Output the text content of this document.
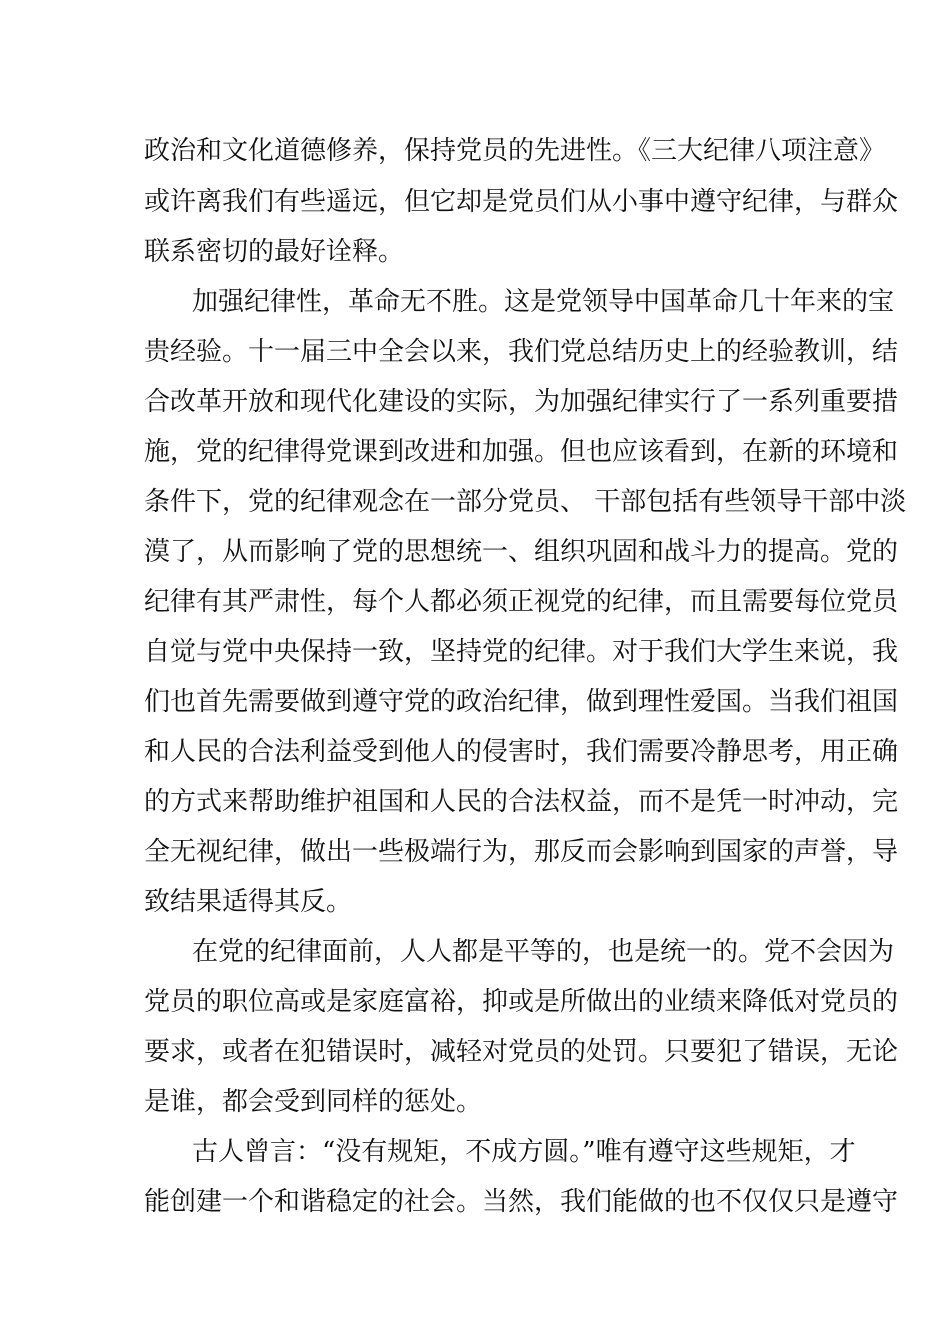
政治和文化道德修养，保持党员的先进性。《三大纪律八项注意》
或许离我们有些遥远，但它却是党员们从小事中遵守纪律，与群众
联系密切的最好诠释。
加强纪律性，革命无不胜。这是党领导中国革命几十年来的宝
贵经验。十一届三中全会以来，我们党总结历史上的经验教训，结
合改革开放和现代化建设的实际，为加强纪律实行了一系列重要措
施，党的纪律得党课到改进和加强。但也应该看到，在新的环境和
条件下，党的纪律观念在一部分党员、 干部包括有些领导干部中淡
漠了，从而影响了党的思想统一、组织巩固和战斗力的提高。党的
纪律有其严肃性，每个人都必须正视党的纪律，而且需要每位党员
自觉与党中央保持一致，坚持党的纪律。对于我们大学生来说，我
们也首先需要做到遵守党的政治纪律，做到理性爱国。当我们祖国
和人民的合法利益受到他人的侵害时，我们需要冷静思考，用正确
的方式来帮助维护祖国和人民的合法权益，而不是凭一时冲动，完
全无视纪律，做出一些极端行为，那反而会影响到国家的声誉，导
致结果适得其反。
在党的纪律面前，人人都是平等的，也是统一的。党不会因为
党员的职位高或是家庭富裕，抑或是所做出的业绩来降低对党员的
要求，或者在犯错误时，减轻对党员的处罚。只要犯了错误，无论
是谁，都会受到同样的惩处。
古人曾言：“没有规矩，不成方圆。”唯有遵守这些规矩，才
能创建一个和谐稳定的社会。当然，我们能做的也不仅仅只是遵守
